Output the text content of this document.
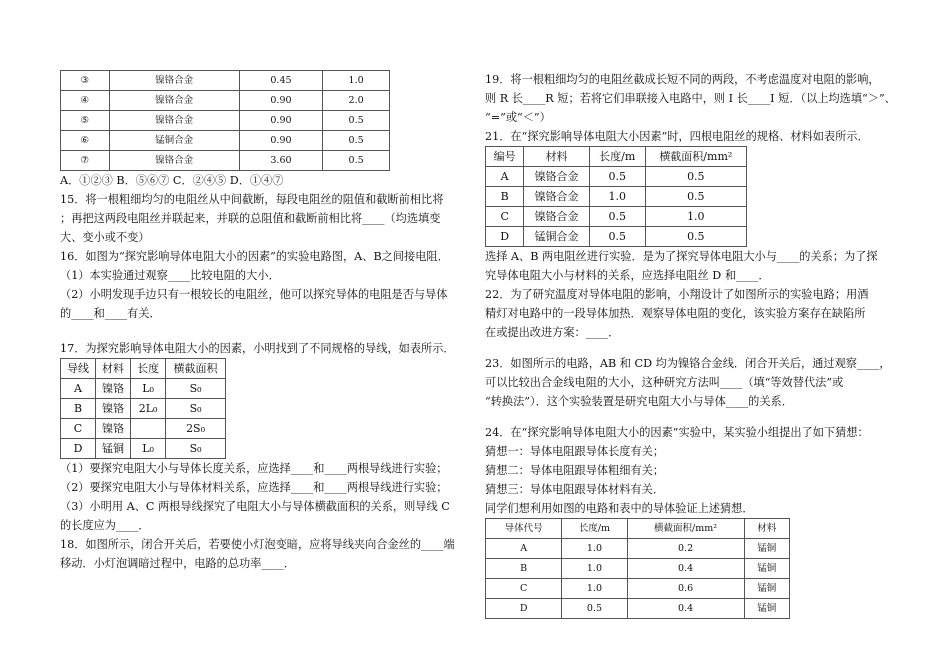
③	镍铬合金	0.45	1.0
④	镍铬合金	0.90	2.0
⑤	镍铬合金	0.90	0.5
⑥	锰铜合金	0.90	0.5
⑦	镍铬合金	3.60	0.5

A．①②③ B．⑤⑥⑦ C．②④⑤ D．①④⑦

15．将一根粗细均匀的电阻丝从中间截断，每段电阻丝的阻值和截断前相比将

；再把这两段电阻丝并联起来，并联的总阻值和截断前相比将____（均选填变

大、变小或不变）

16．如图为“探究影响导体电阻大小的因素”的实验电路图，A、B之间接电阻．

（1）本实验通过观察____比较电阻的大小．

（2）小明发现手边只有一根较长的电阻丝，他可以探究导体的电阻是否与导体

的____和____有关．

17．为探究影响导体电阻大小的因素，小明找到了不同规格的导线，如表所示．

导线	材料	长度	横截面积
A	镍铬	L₀	S₀
B	镍铬	2L₀	S₀
C	镍铬		2S₀
D	锰铜	L₀	S₀

（1）要探究电阻大小与导体长度关系，应选择____和____两根导线进行实验；

（2）要探究电阻大小与导体材料关系，应选择____和____两根导线进行实验；

（3）小明用 A、C 两根导线探究了电阻大小与导体横截面积的关系，则导线 C

的长度应为____．

18．如图所示，闭合开关后，若要使小灯泡变暗，应将导线夹向合金丝的____端

移动．小灯泡调暗过程中，电路的总功率____．

19．将一根粗细均匀的电阻丝截成长短不同的两段，不考虑温度对电阻的影响，

则 R 长____R 短；若将它们串联接入电路中，则 I 长____I 短．（以上均选填“＞”、

“=”或“＜”）

21．在“探究影响导体电阻大小因素”时，四根电阻丝的规格、材料如表所示．

编号	材料	长度/m	横截面积/mm²
A	镍铬合金	0.5	0.5
B	镍铬合金	1.0	0.5
C	镍铬合金	0.5	1.0
D	锰铜合金	0.5	0.5

选择 A、B 两电阻丝进行实验．是为了探究导体电阻大小与____的关系；为了探

究导体电阻大小与材料的关系，应选择电阻丝 D 和____．

22．为了研究温度对导体电阻的影响，小翔设计了如图所示的实验电路；用酒

精灯对电路中的一段导体加热．观察导体电阻的变化，该实验方案存在缺陷所

在或提出改进方案：____．

23．如图所示的电路，AB 和 CD 均为镍铬合金线．闭合开关后，通过观察____，

可以比较出合金线电阻的大小，这种研究方法叫____（填“等效替代法”或

“转换法”）．这个实验装置是研究电阻大小与导体____的关系．

24．在“探究影响导体电阻大小的因素”实验中，某实验小组提出了如下猜想：

猜想一：导体电阻跟导体长度有关；

猜想二：导体电阻跟导体粗细有关；

猜想三：导体电阻跟导体材料有关．

同学们想利用如图的电路和表中的导体验证上述猜想．

导体代号	长度/m	横截面积/mm²	材料
A	1.0	0.2	锰铜
B	1.0	0.4	锰铜
C	1.0	0.6	锰铜
D	0.5	0.4	锰铜
